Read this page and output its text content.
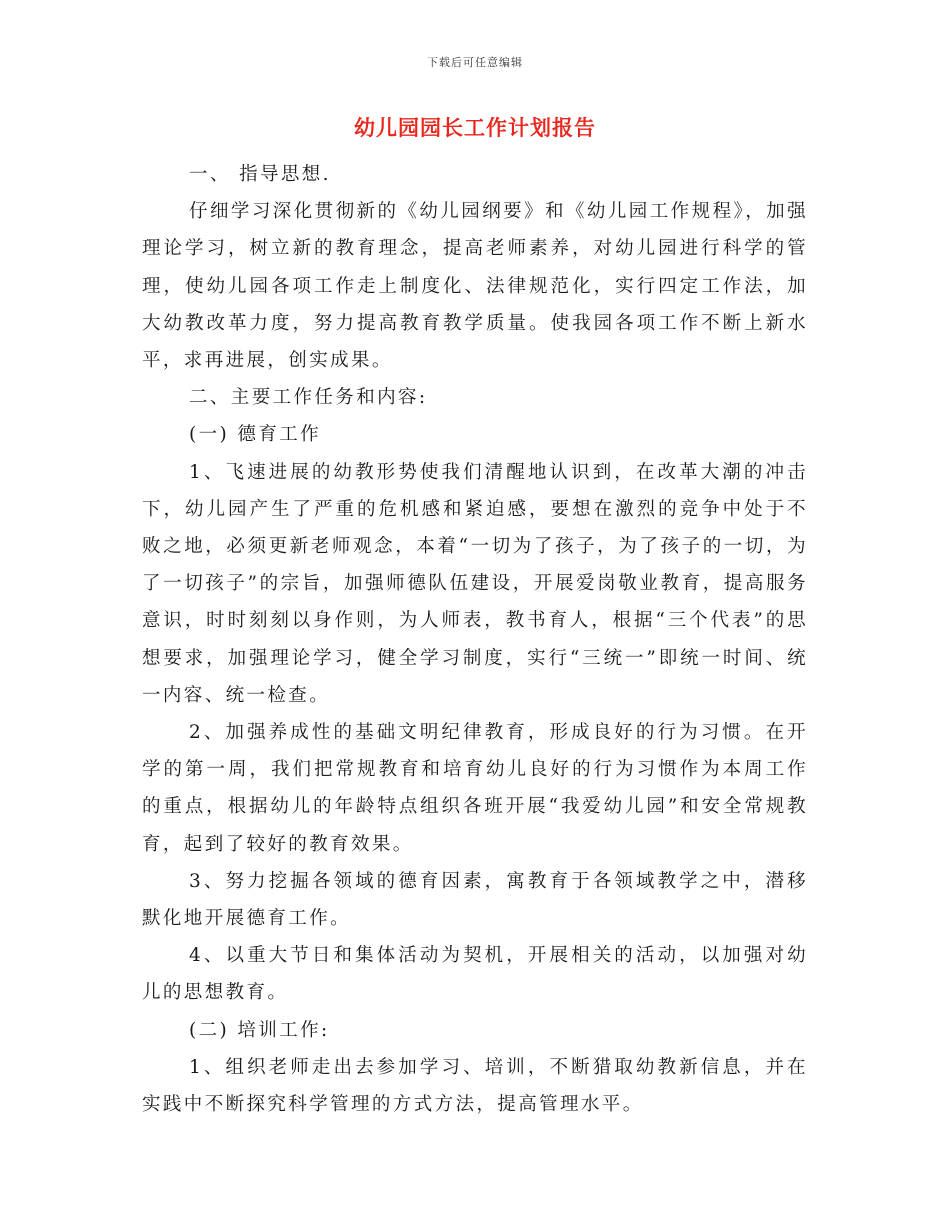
下载后可任意编辑
幼儿园园长工作计划报告

一、 指导思想.

仔细学习深化贯彻新的《幼儿园纲要》和《幼儿园工作规程》，加强理论学习，树立新的教育理念，提高老师素养，对幼儿园进行科学的管理，使幼儿园各项工作走上制度化、法律规范化，实行四定工作法，加大幼教改革力度，努力提高教育教学质量。使我园各项工作不断上新水平，求再进展，创实成果。

二、主要工作任务和内容:

(一) 德育工作

1、飞速进展的幼教形势使我们清醒地认识到，在改革大潮的冲击下，幼儿园产生了严重的危机感和紧迫感，要想在激烈的竞争中处于不败之地，必须更新老师观念，本着“一切为了孩子，为了孩子的一切，为了一切孩子”的宗旨，加强师德队伍建设，开展爱岗敬业教育，提高服务意识，时时刻刻以身作则，为人师表，教书育人，根据“三个代表”的思想要求，加强理论学习，健全学习制度，实行“三统一”即统一时间、统一内容、统一检查。

2、加强养成性的基础文明纪律教育，形成良好的行为习惯。在开学的第一周，我们把常规教育和培育幼儿良好的行为习惯作为本周工作的重点，根据幼儿的年龄特点组织各班开展“我爱幼儿园”和安全常规教育，起到了较好的教育效果。

3、努力挖掘各领域的德育因素，寓教育于各领域教学之中，潜移默化地开展德育工作。

4、以重大节日和集体活动为契机，开展相关的活动，以加强对幼儿的思想教育。

(二) 培训工作:

1、组织老师走出去参加学习、培训，不断猎取幼教新信息，并在实践中不断探究科学管理的方式方法，提高管理水平。
